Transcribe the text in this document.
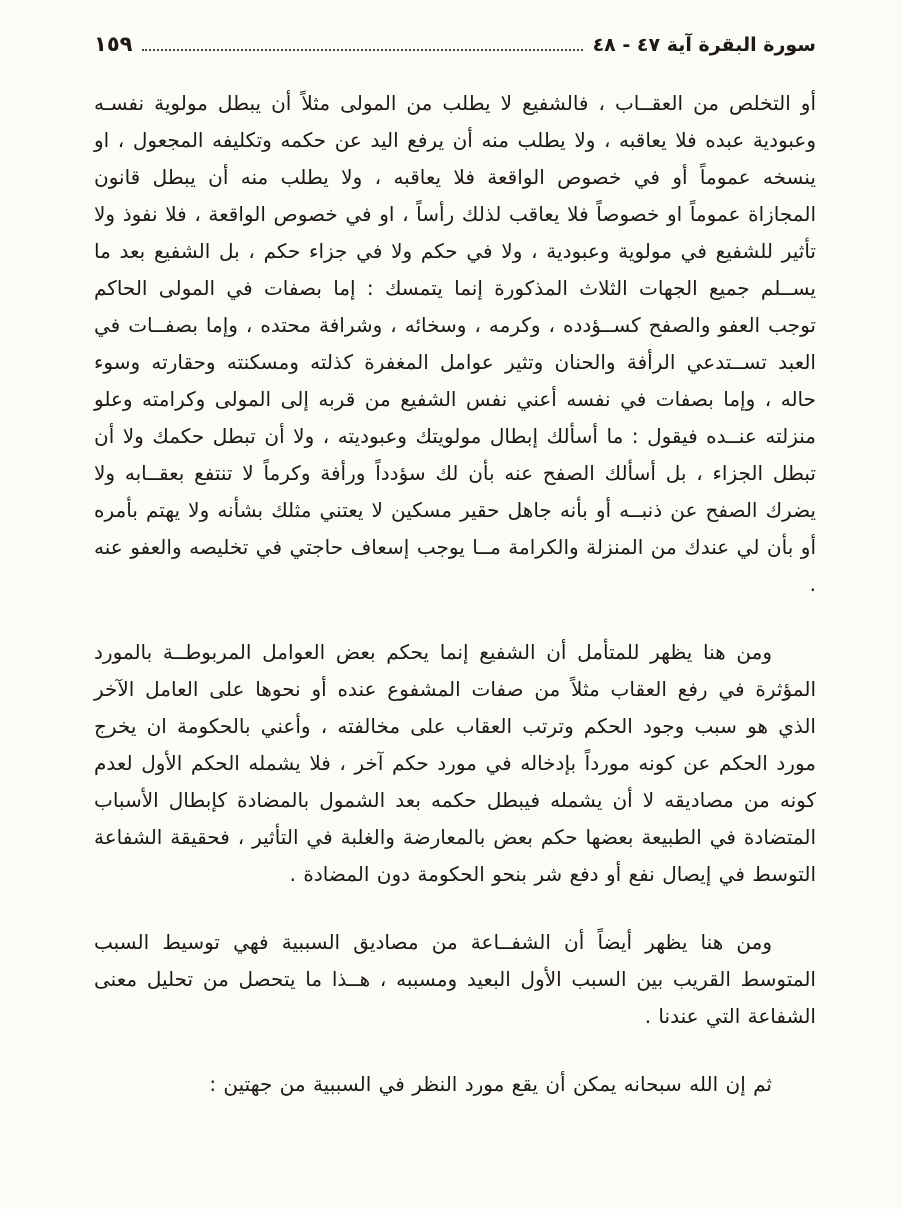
١٥٩	سورة البقرة آية ٤٧ - ٤٨

أو التخلص من العقــاب ، فالشفيع لا يطلب من المولى مثلاً أن يبطل مولوية نفسـه وعبودية عبده فلا يعاقبه ، ولا يطلب منه أن يرفع اليد عن حكمه وتكليفه المجعول ، او ينسخه عموماً أو في خصوص الواقعة فلا يعاقبه ، ولا يطلب منه أن يبطل قانون المجازاة عموماً او خصوصاً فلا يعاقب لذلك رأساً ، او في خصوص الواقعة ، فلا نفوذ ولا تأثير للشفيع في مولوية وعبودية ، ولا في حكم ولا في جزاء حكم ، بل الشفيع بعد ما يســلم جميع الجهات الثلاث المذكورة إنما يتمسك : إما بصفات في المولى الحاكم توجب العفو والصفح كســؤدده ، وكرمه ، وسخائه ، وشرافة محتده ، وإما بصفــات في العبد تســتدعي الرأفة والحنان وتثير عوامل المغفرة كذلته ومسكنته وحقارته وسوء حاله ، وإما بصفات في نفسه أعني نفس الشفيع من قربه إلى المولى وكرامته وعلو منزلته عنــده فيقول : ما أسألك إبطال مولويتك وعبوديته ، ولا أن تبطل حكمك ولا أن تبطل الجزاء ، بل أسألك الصفح عنه بأن لك سؤدداً ورأفة وكرماً لا تنتفع بعقــابه ولا يضرك الصفح عن ذنبــه أو بأنه جاهل حقير مسكين لا يعتني مثلك بشأنه ولا يهتم بأمره أو بأن لي عندك من المنزلة والكرامة مــا يوجب إسعاف حاجتي في تخليصه والعفو عنه .

ومن هنا يظهر للمتأمل أن الشفيع إنما يحكم بعض العوامل المربوطــة بالمورد المؤثرة في رفع العقاب مثلاً من صفات المشفوع عنده أو نحوها على العامل الآخر الذي هو سبب وجود الحكم وترتب العقاب على مخالفته ، وأعني بالحكومة ان يخرج مورد الحكم عن كونه مورداً بإدخاله في مورد حكم آخر ، فلا يشمله الحكم الأول لعدم كونه من مصاديقه لا أن يشمله فيبطل حكمه بعد الشمول بالمضادة كإبطال الأسباب المتضادة في الطبيعة بعضها حكم بعض بالمعارضة والغلبة في التأثير ، فحقيقة الشفاعة التوسط في إيصال نفع أو دفع شر بنحو الحكومة دون المضادة .

ومن هنا يظهر أيضاً أن الشفــاعة من مصاديق السببية فهي توسيط السبب المتوسط القريب بين السبب الأول البعيد ومسببه ، هــذا ما يتحصل من تحليل معنى الشفاعة التي عندنا .

ثم إن الله سبحانه يمكن أن يقع مورد النظر في السببية من جهتين :
